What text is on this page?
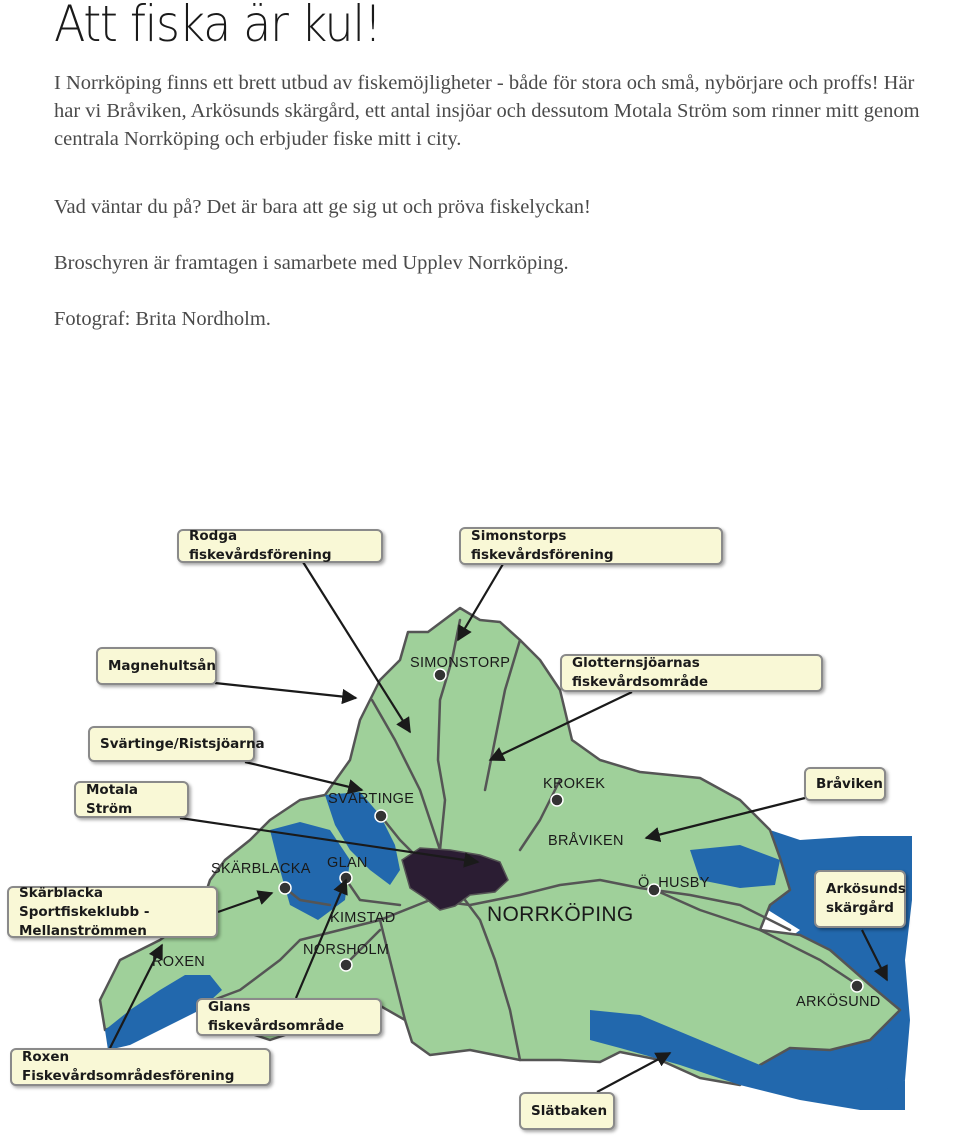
Att fiska är kul!

I Norrköping finns ett brett utbud av fiskemöjligheter - både för stora och små, nybörjare och proffs! Här har vi Bråviken, Arkösunds skärgård, ett antal insjöar och dessutom Motala Ström som rinner mitt genom centrala Norrköping och erbjuder fiske mitt i city.

Vad väntar du på? Det är bara att ge sig ut och pröva fiskelyckan!

Broschyren är framtagen i samarbete med Upplev Norrköping.

Fotograf: Brita Nordholm.

SIMONSTORP
SVÄRTINGE
KROKEK
BRÅVIKEN
SKÄRBLACKA GLAN
KIMSTAD	NORRKÖPING
Ö. HUSBY
ROXEN
NORSHOLM
ARKÖSUND
Rodga fiskevårdsförening
Simonstorps fiskevårdsförening
Magnehultsån	Glotternsjöarnas fiskevårdsområde
Svärtinge/Ristsjöarna
Motala Ström
Bråviken
Skärblacka Sportfiskeklubb -
Mellanströmmen
Arkösunds
skärgård
Glans fiskevårdsområde
Roxen Fiskevårdsområdesförening
Slätbaken
